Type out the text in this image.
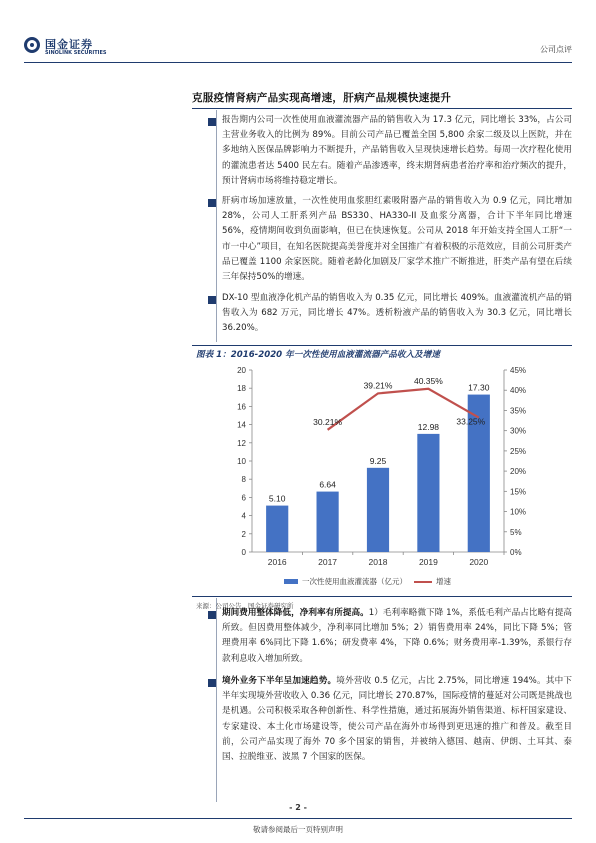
国金证券
SINOLINK SECURITIES	公司点评
克服疫情肾病产品实现高增速，肝病产品规模快速提升
报告期内公司一次性使用血液灌流器产品的销售收入为 17.3 亿元，同比增长 33%，占公司主营业务收入的比例为 89%。目前公司产品已覆盖全国 5,800 余家二级及以上医院，并在多地纳入医保品牌影响力不断提升，产品销售收入呈现快速增长趋势。每周一次疗程化使用的灌流患者达 5400 民左右。随着产品渗透率，终末期肾病患者治疗率和治疗频次的提升，预计肾病市场将维持稳定增长。
肝病市场加速放量，一次性使用血浆胆红素吸附器产品的销售收入为 0.9 亿元，同比增加 28%，公司人工肝系列产品 BS330、HA330-II 及血浆分离器，合计下半年同比增速 56%，疫情期间收到负面影响，但已在快速恢复。公司从 2018 年开始支持全国人工肝“一市一中心”项目，在知名医院提高美誉度并对全国推广有着积极的示范效应，目前公司肝类产品已覆盖 1100 余家医院。随着老龄化加剧及厂家学术推广不断推进，肝类产品有望在后续三年保持50%的增速。
DX-10 型血液净化机产品的销售收入为 0.35 亿元，同比增长 409%。血液灌流机产品的销售收入为 682 万元，同比增长 47%。透析粉液产品的销售收入为 30.3 亿元，同比增长 36.20%。
图表 1：2016-2020 年一次性使用血液灌流器产品收入及增速
0
2
4
6
8
10
12
14
16
18
20
0%
5%
10%
15%
20%
25%
30%
35%
40%
45%
5.10
2016
6.64
2017
9.25
2018
12.98
2019
17.30
2020
30.21%
39.21%	40.35%
33.25%
一次性使用血液灌流器（亿元）	增速
来源：公司公告，国金证券研究所
期间费用整体降低，净利率有所提高。1）毛利率略微下降 1%，系低毛利产品占比略有提高所致。但因费用整体减少，净利率同比增加 5%；2）销售费用率 24%，同比下降 5%；管理费用率 6%同比下降 1.6%；研发费率 4%，下降 0.6%；财务费用率-1.39%，系银行存款利息收入增加所致。
境外业务下半年呈加速趋势。境外营收 0.5 亿元，占比 2.75%，同比增速 194%。其中下半年实现境外营收收入 0.36 亿元，同比增长 270.87%，国际疫情的蔓延对公司既是挑战也是机遇。公司积极采取各种创新性、科学性措施，通过拓展海外销售渠道、标杆国家建设、专家建设、本土化市场建设等，使公司产品在海外市场得到更迅速的推广和普及。截至目前，公司产品实现了海外 70 多个国家的销售，并被纳入德国、越南、伊朗、土耳其、泰国、拉脱维亚、波黑 7 个国家的医保。
- 2 -
敬请参阅最后一页特别声明
